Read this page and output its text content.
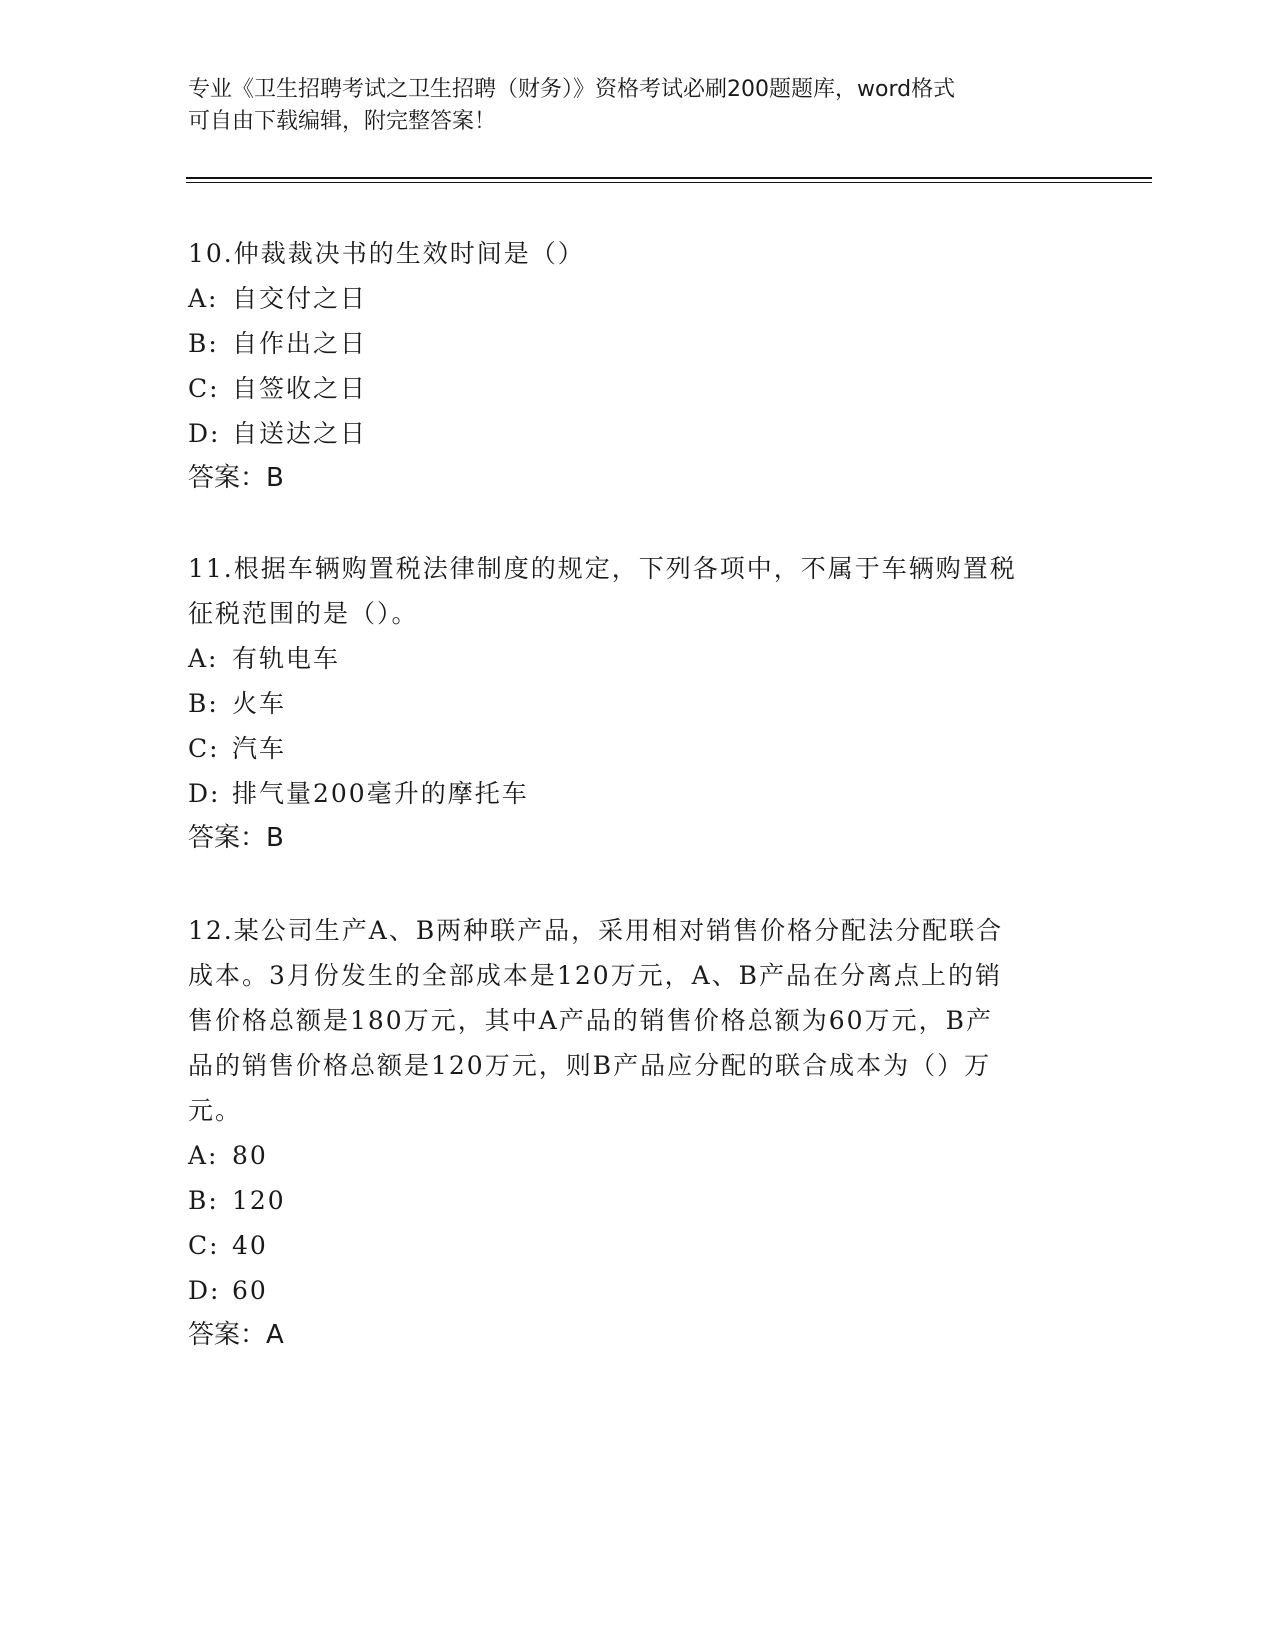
专业《卫生招聘考试之卫生招聘（财务）》资格考试必刷200题题库，word格式
可自由下载编辑，附完整答案！
10.仲裁裁决书的生效时间是（）
A: 自交付之日
B: 自作出之日
C: 自签收之日
D: 自送达之日
答案：B
11.根据车辆购置税法律制度的规定，下列各项中，不属于车辆购置税
征税范围的是（）。
A: 有轨电车
B: 火车
C: 汽车
D: 排气量200毫升的摩托车
答案：B
12.某公司生产A、B两种联产品，采用相对销售价格分配法分配联合
成本。3月份发生的全部成本是120万元，A、B产品在分离点上的销
售价格总额是180万元，其中A产品的销售价格总额为60万元，B产
品的销售价格总额是120万元，则B产品应分配的联合成本为（）万
元。
A: 80
B: 120
C: 40
D: 60
答案：A
